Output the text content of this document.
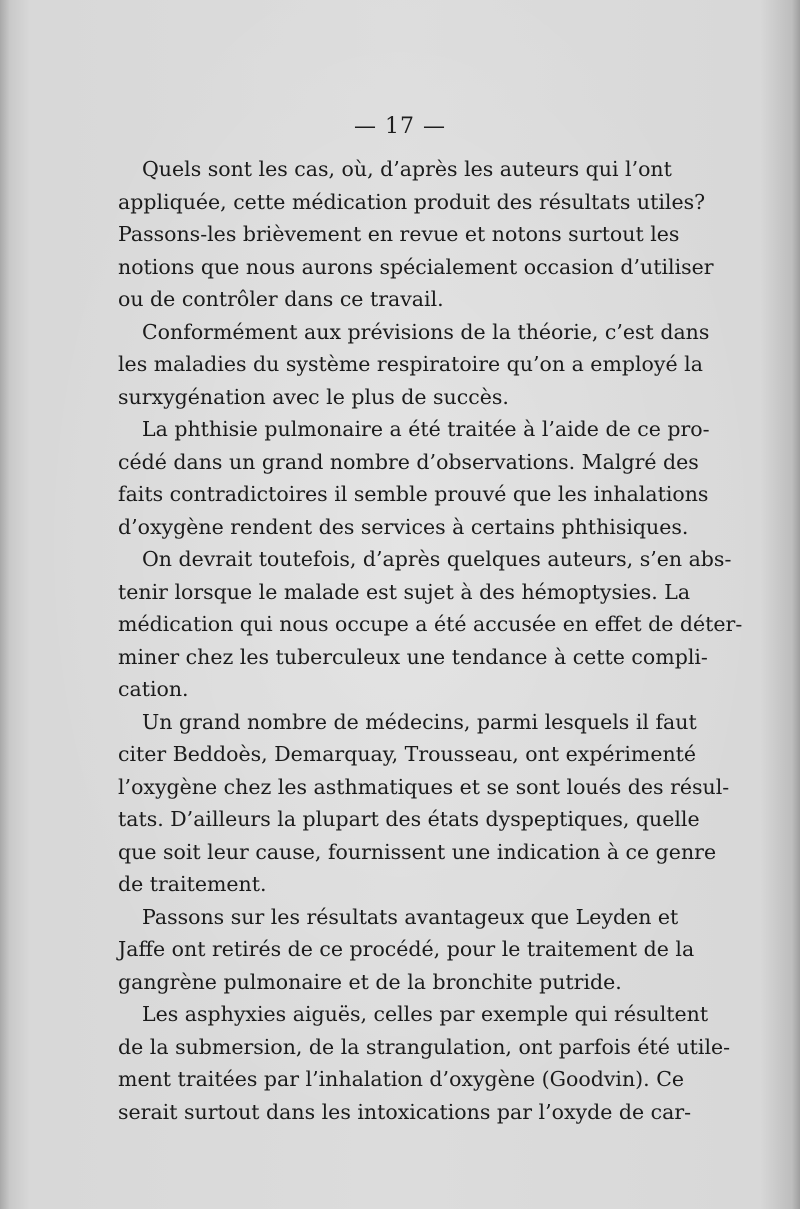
— 17 —
Quels sont les cas, où, d’après les auteurs qui l’ont
appliquée, cette médication produit des résultats utiles?
Passons-les brièvement en revue et notons surtout les
notions que nous aurons spécialement occasion d’utiliser
ou de contrôler dans ce travail.
Conformément aux prévisions de la théorie, c’est dans
les maladies du système respiratoire qu’on a employé la
surxygénation avec le plus de succès.
La phthisie pulmonaire a été traitée à l’aide de ce pro-
cédé dans un grand nombre d’observations. Malgré des
faits contradictoires il semble prouvé que les inhalations
d’oxygène rendent des services à certains phthisiques.
On devrait toutefois, d’après quelques auteurs, s’en abs-
tenir lorsque le malade est sujet à des hémoptysies. La
médication qui nous occupe a été accusée en effet de déter-
miner chez les tuberculeux une tendance à cette compli-
cation.
Un grand nombre de médecins, parmi lesquels il faut
citer Beddoès, Demarquay, Trousseau, ont expérimenté
l’oxygène chez les asthmatiques et se sont loués des résul-
tats. D’ailleurs la plupart des états dyspeptiques, quelle
que soit leur cause, fournissent une indication à ce genre
de traitement.
Passons sur les résultats avantageux que Leyden et
Jaffe ont retirés de ce procédé, pour le traitement de la
gangrène pulmonaire et de la bronchite putride.
Les asphyxies aiguës, celles par exemple qui résultent
de la submersion, de la strangulation, ont parfois été utile-
ment traitées par l’inhalation d’oxygène (Goodvin). Ce
serait surtout dans les intoxications par l’oxyde de car-
